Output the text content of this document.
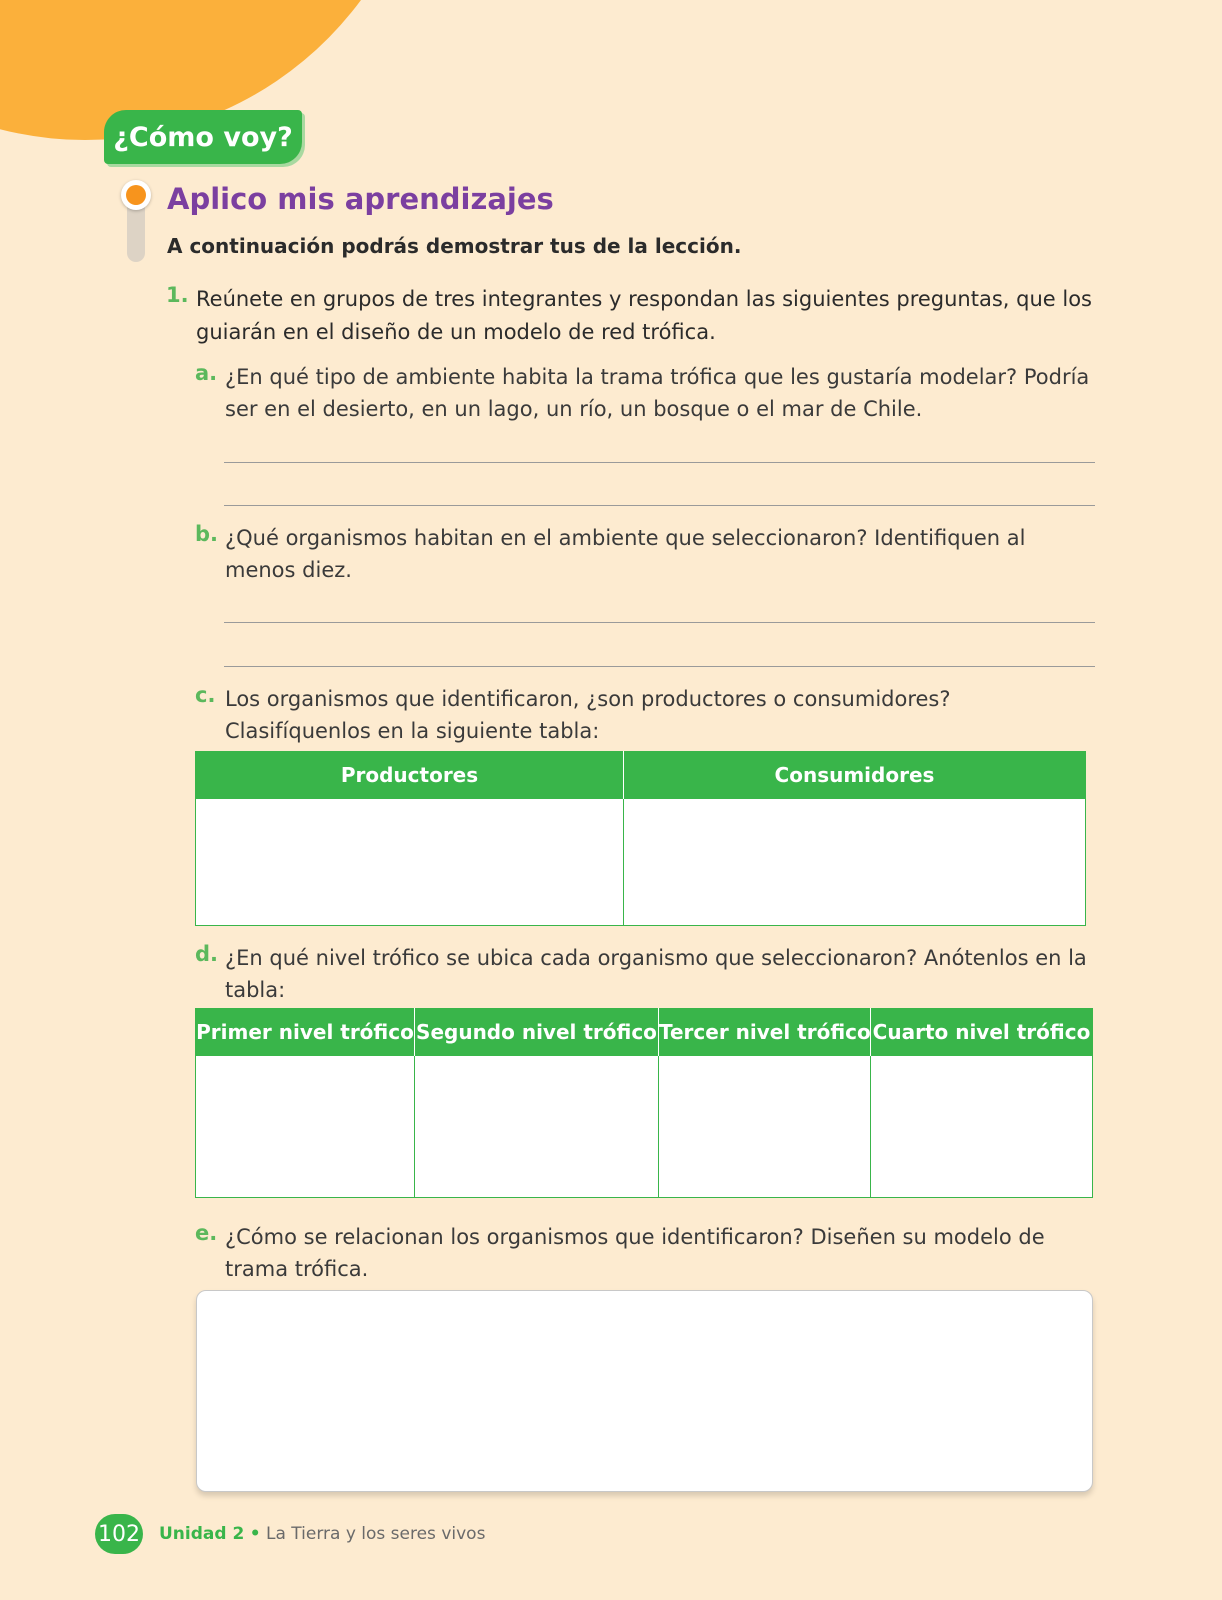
¿Cómo voy?
Aplico mis aprendizajes
A continuación podrás demostrar tus de la lección.
1. Reúnete en grupos de tres integrantes y respondan las siguientes preguntas, que los guiarán en el diseño de un modelo de red trófica.
a. ¿En qué tipo de ambiente habita la trama trófica que les gustaría modelar? Podría ser en el desierto, en un lago, un río, un bosque o el mar de Chile.
b. ¿Qué organismos habitan en el ambiente que seleccionaron? Identifiquen al menos diez.
c. Los organismos que identificaron, ¿son productores o consumidores? Clasifíquenlos en la siguiente tabla:
Productores	Consumidores

d. ¿En qué nivel trófico se ubica cada organismo que seleccionaron? Anótenlos en la tabla:
Primer nivel trófico	Segundo nivel trófico	Tercer nivel trófico	Cuarto nivel trófico

e. ¿Cómo se relacionan los organismos que identificaron? Diseñen su modelo de trama trófica.
102 Unidad 2 • La Tierra y los seres vivos
